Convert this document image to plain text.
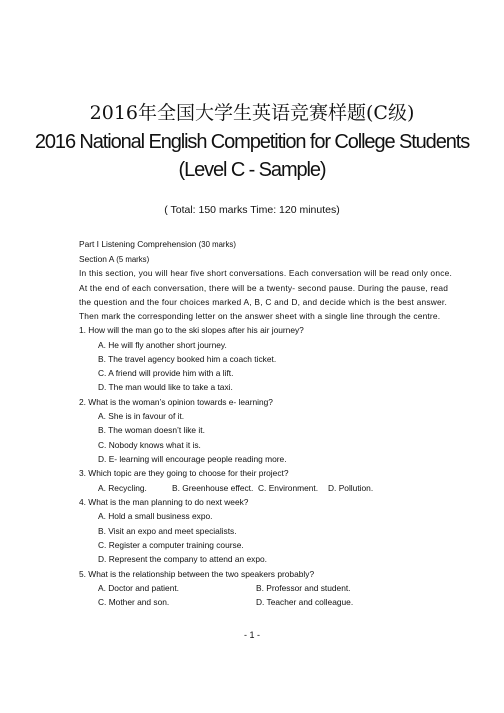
2016年全国大学生英语竞赛样题(C级)
2016 National English Competition for College Students
(Level C - Sample)
( Total: 150 marks Time: 120 minutes)
Part I Listening Comprehension (30 marks)
Section A (5 marks)
In this section, you will hear five short conversations. Each conversation will be read only once.
At the end of each conversation, there will be a twenty- second pause. During the pause, read
the question and the four choices marked A, B, C and D, and decide which is the best answer.
Then mark the corresponding letter on the answer sheet with a single line through the centre.
1. How will the man go to the ski slopes after his air journey?
A. He will fly another short journey.
B. The travel agency booked him a coach ticket.
C. A friend will provide him with a lift.
D. The man would like to take a taxi.
2. What is the woman’s opinion towards e- learning?
A. She is in favour of it.
B. The woman doesn’t like it.
C. Nobody knows what it is.
D. E- learning will encourage people reading more.
3. Which topic are they going to choose for their project?
A. Recycling.	B. Greenhouse effect. C. Environment. D. Pollution.
4. What is the man planning to do next week?
A. Hold a small business expo.
B. Visit an expo and meet specialists.
C. Register a computer training course.
D. Represent the company to attend an expo.
5. What is the relationship between the two speakers probably?
A. Doctor and patient.	B. Professor and student.
C. Mother and son.	D. Teacher and colleague.
- 1 -
